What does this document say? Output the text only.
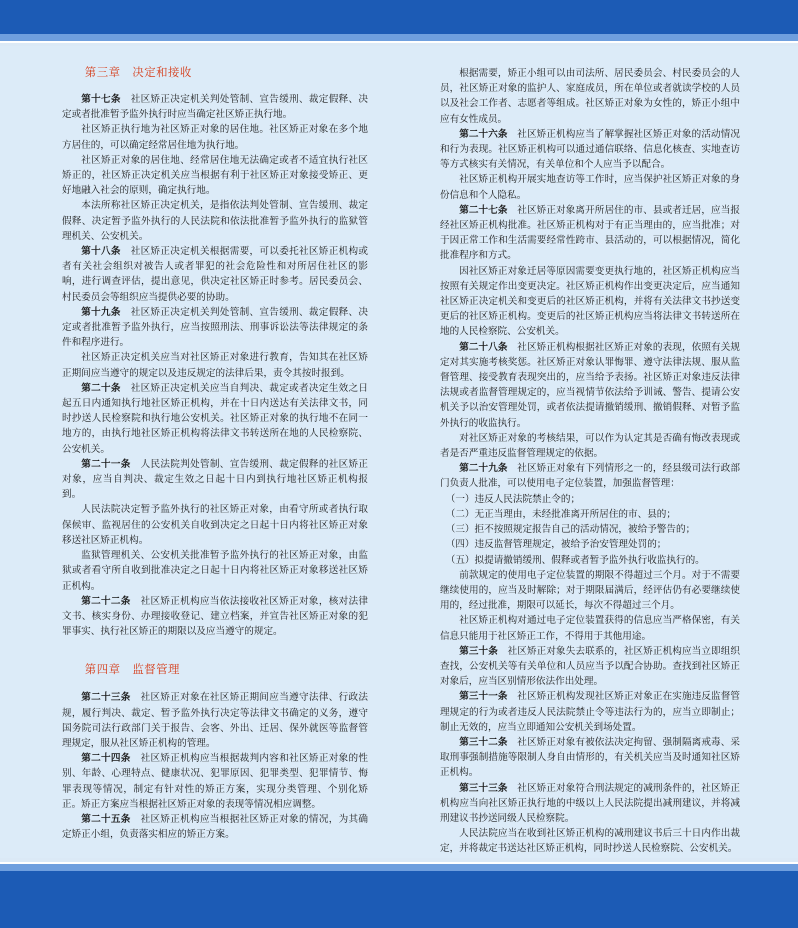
第三章　决定和接收

第十七条　社区矫正决定机关判处管制、宣告缓刑、裁定假释、决定或者批准暂予监外执行时应当确定社区矫正执行地。

社区矫正执行地为社区矫正对象的居住地。社区矫正对象在多个地方居住的，可以确定经常居住地为执行地。

社区矫正对象的居住地、经常居住地无法确定或者不适宜执行社区矫正的，社区矫正决定机关应当根据有利于社区矫正对象接受矫正、更好地融入社会的原则，确定执行地。

本法所称社区矫正决定机关，是指依法判处管制、宣告缓刑、裁定假释、决定暂予监外执行的人民法院和依法批准暂予监外执行的监狱管理机关、公安机关。

第十八条　社区矫正决定机关根据需要，可以委托社区矫正机构或者有关社会组织对被告人或者罪犯的社会危险性和对所居住社区的影响，进行调查评估，提出意见，供决定社区矫正时参考。居民委员会、村民委员会等组织应当提供必要的协助。

第十九条　社区矫正决定机关判处管制、宣告缓刑、裁定假释、决定或者批准暂予监外执行，应当按照刑法、刑事诉讼法等法律规定的条件和程序进行。

社区矫正决定机关应当对社区矫正对象进行教育，告知其在社区矫正期间应当遵守的规定以及违反规定的法律后果，责令其按时报到。

第二十条　社区矫正决定机关应当自判决、裁定或者决定生效之日起五日内通知执行地社区矫正机构，并在十日内送达有关法律文书，同时抄送人民检察院和执行地公安机关。社区矫正对象的执行地不在同一地方的，由执行地社区矫正机构将法律文书转送所在地的人民检察院、公安机关。

第二十一条　人民法院判处管制、宣告缓刑、裁定假释的社区矫正对象，应当自判决、裁定生效之日起十日内到执行地社区矫正机构报到。

人民法院决定暂予监外执行的社区矫正对象，由看守所或者执行取保候审、监视居住的公安机关自收到决定之日起十日内将社区矫正对象移送社区矫正机构。

监狱管理机关、公安机关批准暂予监外执行的社区矫正对象，由监狱或者看守所自收到批准决定之日起十日内将社区矫正对象移送社区矫正机构。

第二十二条　社区矫正机构应当依法接收社区矫正对象，核对法律文书、核实身份、办理接收登记、建立档案，并宣告社区矫正对象的犯罪事实、执行社区矫正的期限以及应当遵守的规定。

第四章　监督管理

第二十三条　社区矫正对象在社区矫正期间应当遵守法律、行政法规，履行判决、裁定、暂予监外执行决定等法律文书确定的义务，遵守国务院司法行政部门关于报告、会客、外出、迁居、保外就医等监督管理规定，服从社区矫正机构的管理。

第二十四条　社区矫正机构应当根据裁判内容和社区矫正对象的性别、年龄、心理特点、健康状况、犯罪原因、犯罪类型、犯罪情节、悔罪表现等情况，制定有针对性的矫正方案，实现分类管理、个别化矫正。矫正方案应当根据社区矫正对象的表现等情况相应调整。

第二十五条　社区矫正机构应当根据社区矫正对象的情况，为其确定矫正小组，负责落实相应的矫正方案。

根据需要，矫正小组可以由司法所、居民委员会、村民委员会的人员，社区矫正对象的监护人、家庭成员，所在单位或者就读学校的人员以及社会工作者、志愿者等组成。社区矫正对象为女性的，矫正小组中应有女性成员。

第二十六条　社区矫正机构应当了解掌握社区矫正对象的活动情况和行为表现。社区矫正机构可以通过通信联络、信息化核查、实地查访等方式核实有关情况，有关单位和个人应当予以配合。

社区矫正机构开展实地查访等工作时，应当保护社区矫正对象的身份信息和个人隐私。

第二十七条　社区矫正对象离开所居住的市、县或者迁居，应当报经社区矫正机构批准。社区矫正机构对于有正当理由的，应当批准；对于因正常工作和生活需要经常性跨市、县活动的，可以根据情况，简化批准程序和方式。

因社区矫正对象迁居等原因需要变更执行地的，社区矫正机构应当按照有关规定作出变更决定。社区矫正机构作出变更决定后，应当通知社区矫正决定机关和变更后的社区矫正机构，并将有关法律文书抄送变更后的社区矫正机构。变更后的社区矫正机构应当将法律文书转送所在地的人民检察院、公安机关。

第二十八条　社区矫正机构根据社区矫正对象的表现，依照有关规定对其实施考核奖惩。社区矫正对象认罪悔罪、遵守法律法规、服从监督管理、接受教育表现突出的，应当给予表扬。社区矫正对象违反法律法规或者监督管理规定的，应当视情节依法给予训诫、警告、提请公安机关予以治安管理处罚，或者依法提请撤销缓刑、撤销假释、对暂予监外执行的收监执行。

对社区矫正对象的考核结果，可以作为认定其是否确有悔改表现或者是否严重违反监督管理规定的依据。

第二十九条　社区矫正对象有下列情形之一的，经县级司法行政部门负责人批准，可以使用电子定位装置，加强监督管理：

（一）违反人民法院禁止令的；

（二）无正当理由，未经批准离开所居住的市、县的；

（三）拒不按照规定报告自己的活动情况，被给予警告的；

（四）违反监督管理规定，被给予治安管理处罚的；

（五）拟提请撤销缓刑、假释或者暂予监外执行收监执行的。

前款规定的使用电子定位装置的期限不得超过三个月。对于不需要继续使用的，应当及时解除；对于期限届满后，经评估仍有必要继续使用的，经过批准，期限可以延长，每次不得超过三个月。

社区矫正机构对通过电子定位装置获得的信息应当严格保密，有关信息只能用于社区矫正工作，不得用于其他用途。

第三十条　社区矫正对象失去联系的，社区矫正机构应当立即组织查找，公安机关等有关单位和人员应当予以配合协助。查找到社区矫正对象后，应当区别情形依法作出处理。

第三十一条　社区矫正机构发现社区矫正对象正在实施违反监督管理规定的行为或者违反人民法院禁止令等违法行为的，应当立即制止；制止无效的，应当立即通知公安机关到场处置。

第三十二条　社区矫正对象有被依法决定拘留、强制隔离戒毒、采取刑事强制措施等限制人身自由情形的，有关机关应当及时通知社区矫正机构。

第三十三条　社区矫正对象符合刑法规定的减刑条件的，社区矫正机构应当向社区矫正执行地的中级以上人民法院提出减刑建议，并将减刑建议书抄送同级人民检察院。

人民法院应当在收到社区矫正机构的减刑建议书后三十日内作出裁定，并将裁定书送达社区矫正机构，同时抄送人民检察院、公安机关。
